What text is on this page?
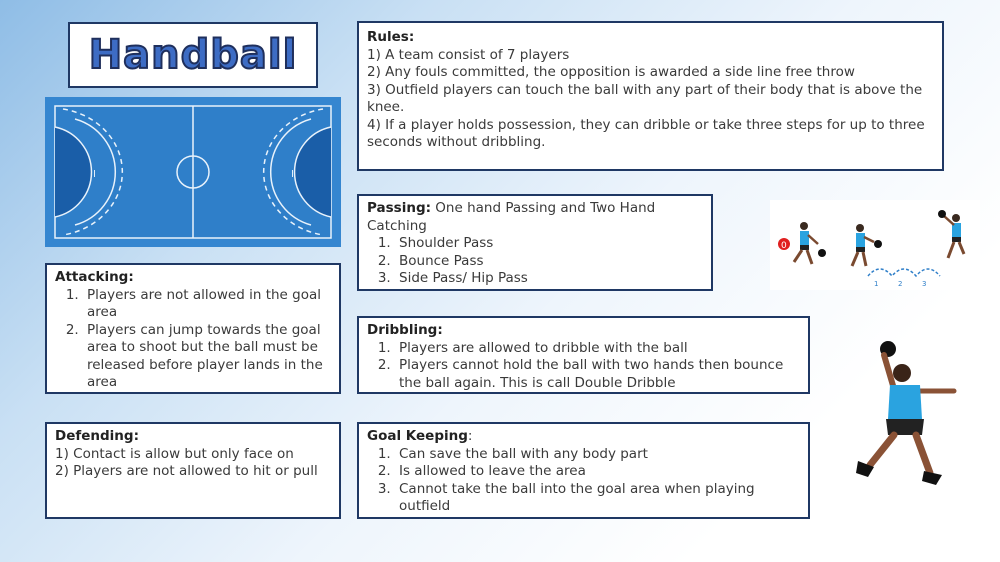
Handball
I	I
Rules:
1) A team consist of 7 players
2) Any fouls committed, the opposition is awarded a side line free throw
3) Outfield players can touch the ball with any part of their body that is above the knee.
4) If a player holds possession, they can dribble or take three steps for up to three seconds without dribbling.
Passing: One hand Passing and Two Hand Catching
1. Shoulder Pass
2. Bounce Pass
3. Side Pass/ Hip Pass
0
1	2	3
Attacking:
1. Players are not allowed in the goal area
2. Players can jump towards the goal area to shoot but the ball must be released before player lands in the area
Dribbling:
1. Players are allowed to dribble with the ball
2. Players cannot hold the ball with two hands then bounce the ball again. This is call Double Dribble
Defending:
1) Contact is allow but only face on
2) Players are not allowed to hit or pull
Goal Keeping:
1. Can save the ball with any body part
2. Is allowed to leave the area
3. Cannot take the ball into the goal area when playing outfield
